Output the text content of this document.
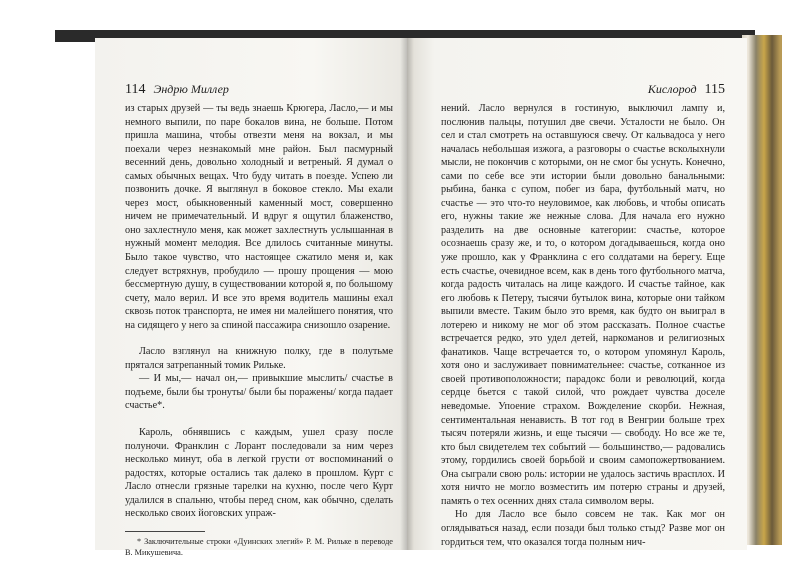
114 Эндрю Миллер

из старых друзей — ты ведь знаешь Крюгера, Ласло,— и мы немного выпили, по паре бокалов вина, не больше. Потом пришла машина, чтобы отвезти меня на вокзал, и мы поехали через незнакомый мне район. Был пасмурный весенний день, довольно холодный и ветреный. Я думал о самых обычных вещах. Что буду читать в поезде. Успею ли позвонить дочке. Я выглянул в боковое стекло. Мы ехали через мост, обыкновенный каменный мост, совершенно ничем не примечательный. И вдруг я ощутил блаженство, оно захлестнуло меня, как может захлестнуть услышанная в нужный момент мелодия. Все длилось считанные минуты. Было такое чувство, что настоящее сжатило меня и, как следует встряхнув, пробудило — прошу прощения — мою бессмертную душу, в существовании которой я, по большому счету, мало верил. И все это время водитель машины ехал сквозь поток транспорта, не имея ни малейшего понятия, что на сидящего у него за спиной пассажира снизошло озарение.

Ласло взглянул на книжную полку, где в полутьме прятался затрепанный томик Рильке.

— И мы,— начал он,— привыкшие мыслить/ счастье в подъеме, были бы тронуты/ были бы поражены/ когда падает счастье*.

Кароль, обнявшись с каждым, ушел сразу после полуночи. Франклин с Лорант последовали за ним через несколько минут, оба в легкой грусти от воспоминаний о радостях, которые остались так далеко в прошлом. Курт с Ласло отнесли грязные тарелки на кухню, после чего Курт удалился в спальню, чтобы перед сном, как обычно, сделать несколько своих йоговских упраж-

* Заключительные строки «Дуинских элегий» Р. М. Рильке в переводе В. Микушевича.
Кислород 115

нений. Ласло вернулся в гостиную, выключил лампу и, послюнив пальцы, потушил две свечи. Усталости не было. Он сел и стал смотреть на оставшуюся свечу. От кальвадоса у него началась небольшая изжога, а разговоры о счастье всколыхнули мысли, не покончив с которыми, он не смог бы уснуть. Конечно, сами по себе все эти истории были довольно банальными: рыбина, банка с супом, побег из бара, футбольный матч, но счастье — это что-то неуловимое, как любовь, и чтобы описать его, нужны такие же нежные слова. Для начала его нужно разделить на две основные категории: счастье, которое осознаешь сразу же, и то, о котором догадываешься, когда оно уже прошло, как у Франклина с его солдатами на берегу. Еще есть счастье, очевидное всем, как в день того футбольного матча, когда радость читалась на лице каждого. И счастье тайное, как его любовь к Петеру, тысячи бутылок вина, которые они тайком выпили вместе. Таким было это время, как будто он выиграл в лотерею и никому не мог об этом рассказать. Полное счастье встречается редко, это удел детей, наркоманов и религиозных фанатиков. Чаще встречается то, о котором упомянул Кароль, хотя оно и заслуживает повнимательнее: счастье, сотканное из своей противоположности; парадокс боли и революций, когда сердце бьется с такой силой, что рождает чувства доселе неведомые. Упоение страхом. Вожделение скорби. Нежная, сентиментальная ненависть. В тот год в Венгрии больше трех тысяч потеряли жизнь, и еще тысячи — свободу. Но все же те, кто был свидетелем тех событий — большинство,— радовались этому, гордились своей борьбой и своим самопожертвованием. Она сыграли свою роль: истории не удалось застичь врасплох. И хотя ничто не могло возместить им потерю страны и друзей, память о тех осенних днях стала символом веры.

Но для Ласло все было совсем не так. Как мог он оглядываться назад, если позади был только стыд? Разве мог он гордиться тем, что оказался тогда полным нич-
